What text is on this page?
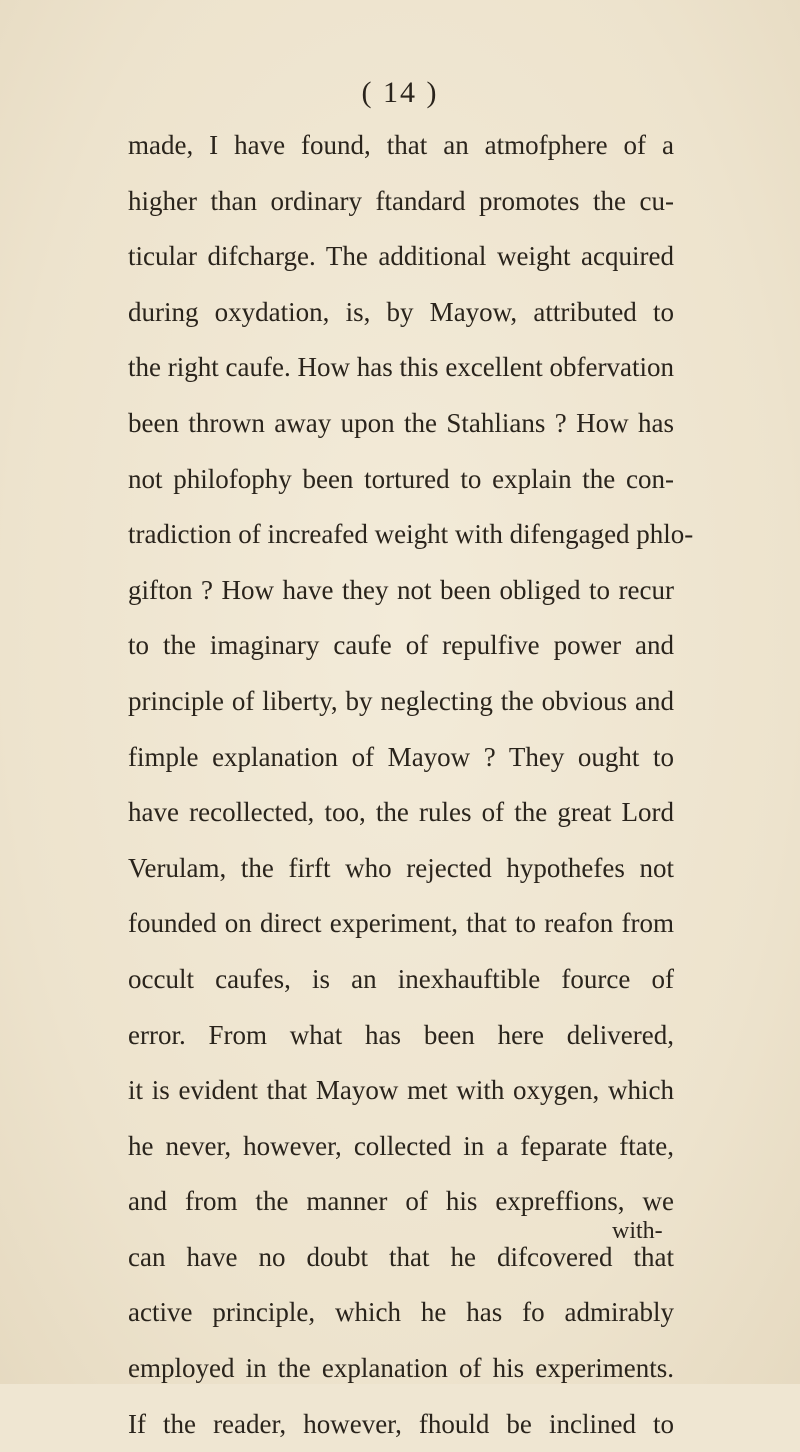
( 14 )
made, I have found, that an atmofphere of a
higher than ordinary ftandard promotes the cu-
ticular difcharge. The additional weight acquired
during oxydation, is, by Mayow, attributed to
the right caufe. How has this excellent obfervation
been thrown away upon the Stahlians ? How has
not philofophy been tortured to explain the con-
tradiction of increafed weight with difengaged phlo-
gifton ? How have they not been obliged to recur
to the imaginary caufe of repulfive power and
principle of liberty, by neglecting the obvious and
fimple explanation of Mayow ? They ought to
have recollected, too, the rules of the great Lord
Verulam, the firft who rejected hypothefes not
founded on direct experiment, that to reafon from
occult caufes, is an inexhauftible fource of
error. From what has been here delivered,
it is evident that Mayow met with oxygen, which
he never, however, collected in a feparate ftate,
and from the manner of his expreffions, we
can have no doubt that he difcovered that
active principle, which he has fo admirably
employed in the explanation of his experiments.
If the reader, however, fhould be inclined to
with-
